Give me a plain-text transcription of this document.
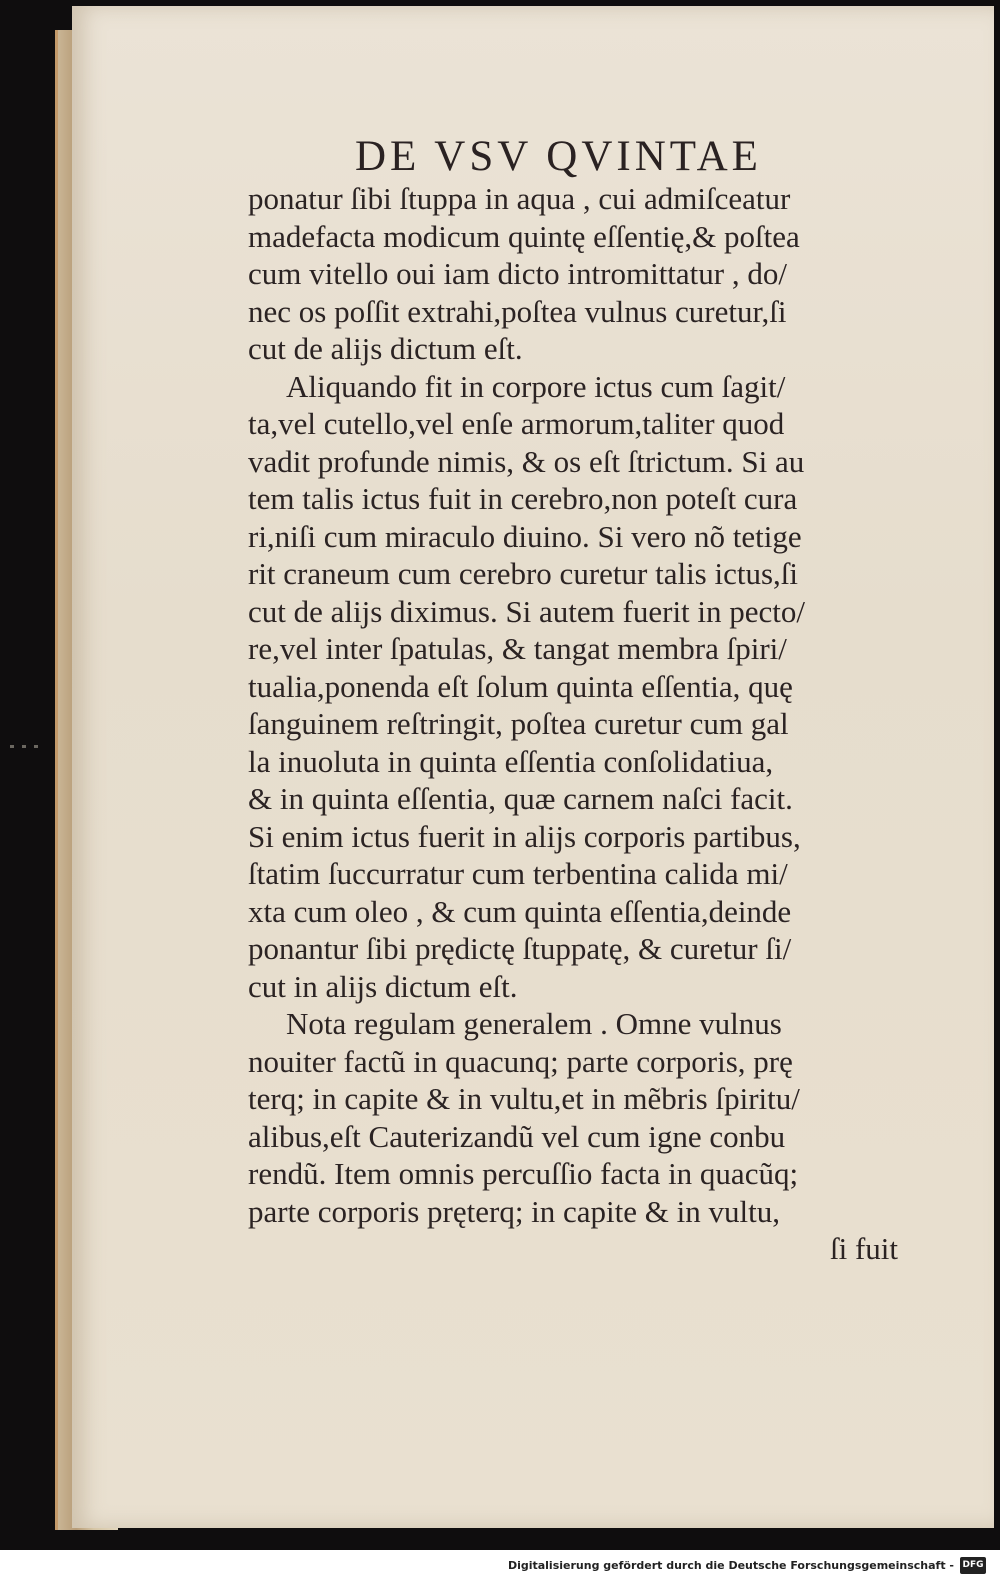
DE VSV QVINTAE
ponatur ſibi ſtuppa in aqua , cui admiſceatur
madefacta modicum quintę eſſentię,& poſtea
cum vitello oui iam dicto intromittatur , do/
nec os poſſit extrahi,poſtea vulnus curetur,ſi
cut de alijs dictum eſt.
Aliquando fit in corpore ictus cum ſagit/
ta,vel cutello,vel enſe armorum,taliter quod
vadit profunde nimis, & os eſt ſtrictum. Si au
tem talis ictus fuit in cerebro,non poteſt cura
ri,niſi cum miraculo diuino. Si vero nõ tetige
rit craneum cum cerebro curetur talis ictus,ſi
cut de alijs diximus. Si autem fuerit in pecto/
re,vel inter ſpatulas, & tangat membra ſpiri/
tualia,ponenda eſt ſolum quinta eſſentia, quę
ſanguinem reſtringit, poſtea curetur cum gal
la inuoluta in quinta eſſentia conſolidatiua,
& in quinta eſſentia, quæ carnem naſci facit.
Si enim ictus fuerit in alijs corporis partibus,
ſtatim ſuccurratur cum terbentina calida mi/
xta cum oleo , & cum quinta eſſentia,deinde
ponantur ſibi prędictę ſtuppatę, & curetur ſi/
cut in alijs dictum eſt.
Nota regulam generalem . Omne vulnus
nouiter factũ in quacunq; parte corporis, prę
terq; in capite & in vultu,et in mẽbris ſpiritu/
alibus,eſt Cauterizandũ vel cum igne conbu
rendũ. Item omnis percuſſio facta in quacũq;
parte corporis pręterq; in capite & in vultu,
ſi fuit
Digitalisierung gefördert durch die Deutsche Forschungsgemeinschaft - DFG
